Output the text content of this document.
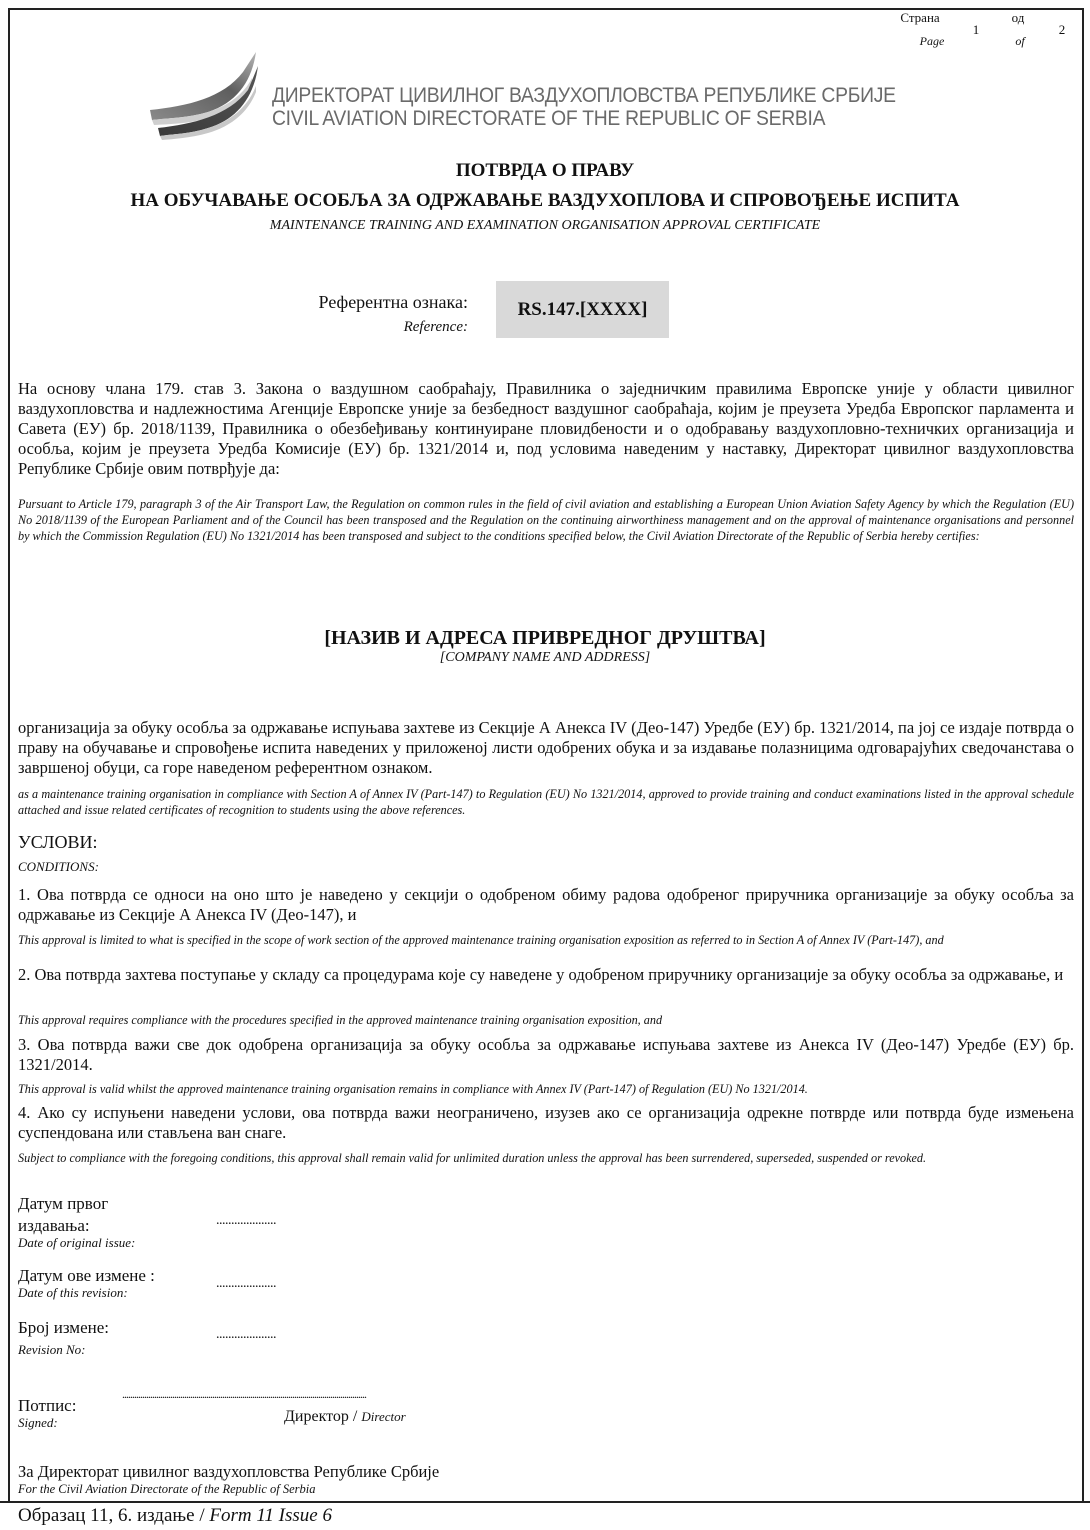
Страна
Page
1
од
of
2
ДИРЕКТОРАТ ЦИВИЛНОГ ВАЗДУХОПЛОВСТВА РЕПУБЛИКЕ СРБИЈЕ
CIVIL AVIATION DIRECTORATE OF THE REPUBLIC OF SERBIA
ПОТВРДА О ПРАВУ
НА ОБУЧАВАЊЕ ОСОБЉА ЗА ОДРЖАВАЊЕ ВАЗДУХОПЛОВА И СПРОВОЂЕЊЕ ИСПИТА
MAINTENANCE TRAINING AND EXAMINATION ORGANISATION APPROVAL CERTIFICATE
Референтна ознака:
Reference:
RS.147.[XXXX]
На основу члана 179. став 3. Закона о ваздушном саобраћају, Правилника о заједничким правилима Европске уније у области цивилног ваздухопловства и надлежностима Агенције Европске уније за безбедност ваздушног саобраћаја, којим је преузета Уредба Европског парламента и Савета (ЕУ) бр. 2018/1139, Правилника о обезбеђивању континуиране пловидбености и о одобравању ваздухопловно-техничких организација и особља, којим је преузета Уредба Комисије (ЕУ) бр. 1321/2014 и, под условима наведеним у наставку, Директорат цивилног ваздухопловства Републике Србије овим потврђује да:
Pursuant to Article 179, paragraph 3 of the Air Transport Law, the Regulation on common rules in the field of civil aviation and establishing a European Union Aviation Safety Agency by which the Regulation (EU) No 2018/1139 of the European Parliament and of the Council has been transposed and the Regulation on the continuing airworthiness management and on the approval of maintenance organisations and personnel by which the Commission Regulation (EU) No 1321/2014 has been transposed and subject to the conditions specified below, the Civil Aviation Directorate of the Republic of Serbia hereby certifies:
[НАЗИВ И АДРЕСА ПРИВРЕДНОГ ДРУШТВА]
[COMPANY NAME AND ADDRESS]
организација за обуку особља за одржавање испуњава захтеве из Секције А Анекса IV (Део-147) Уредбе (ЕУ) бр. 1321/2014, па јој се издаје потврда о праву на обучавање и спровођење испита наведених у приложеној листи одобрених обука и за издавање полазницима одговарајућих сведочанстава о завршеној обуци, са горе наведеном референтном ознаком.
as a maintenance training organisation in compliance with Section A of Annex IV (Part-147) to Regulation (EU) No 1321/2014, approved to provide training and conduct examinations listed in the approval schedule attached and issue related certificates of recognition to students using the above references.
УСЛОВИ:
CONDITIONS:
1. Ова потврда се односи на оно што је наведено у секцији о одобреном обиму радова одобреног приручника организације за обуку особља за одржавање из Секције А Анекса IV (Део-147), и
This approval is limited to what is specified in the scope of work section of the approved maintenance training organisation exposition as referred to in Section A of Annex IV (Part-147), and
2. Ова потврда захтева поступање у складу са процедурама које су наведене у одобреном приручнику организације за обуку особља за одржавање, и
This approval requires compliance with the procedures specified in the approved maintenance training organisation exposition, and
3. Ова потврда важи све док одобрена организација за обуку особља за одржавање испуњава захтеве из Анекса IV (Део-147) Уредбе (ЕУ) бр. 1321/2014.
This approval is valid whilst the approved maintenance training organisation remains in compliance with Annex IV (Part-147) of Regulation (EU) No 1321/2014.
4. Ако су испуњени наведени услови, ова потврда важи неограничено, изузев ако се организација одрекне потврде или потврда буде измењена суспендована или стављена ван снаге.
Subject to compliance with the foregoing conditions, this approval shall remain valid for unlimited duration unless the approval has been surrendered, superseded, suspended or revoked.
Датум првог
издавања:
Date of original issue:
....................
Датум ове измене :
Date of this revision:
....................
Број измене:
Revision No:
....................
Потпис:
Signed:
..........................................................................................................................
Директор / Director
За Директорат цивилног ваздухопловства Републике Србије
For the Civil Aviation Directorate of the Republic of Serbia
Образац 11, 6. издање / Form 11 Issue 6
